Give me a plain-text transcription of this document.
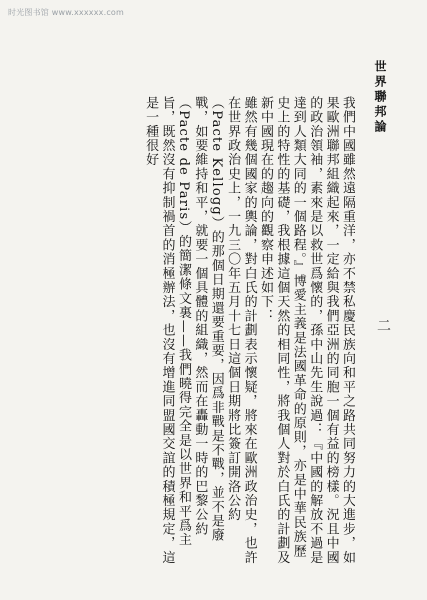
时光图书馆 www.xxxxxx.com
世界聯邦論
二

我們中國雖然遠隔重洋，亦不禁私慶民族向和平之路共同努力的大進步，如果歐洲聯邦組織起來，一定給與我們亞洲的同胞一個有益的榜樣。況且中國的政治領袖，素來是以救世爲懷的，孫中山先生說過：『中國的解放不過是達到人類大同的一個路程。』博愛主義是法國革命的原則，亦是中華民族歷史上的特性的基礎，我根據這個天然的相同性，將我個人對於白氏的計劃及新中國現在的趨向的觀察申述如下：

雖然有幾個國家的輿論，對白氏的計劃表示懷疑，將來在歐洲政治史，也許在世界政治史上，一九三〇年五月十七日這個日期將比簽訂開洛公約（Pacte Kellogg）的那個日期還要重要，因爲非戰是不戰，並不是廢戰，如要維持和平，就要一個具體的組織，然而在轟動一時的巴黎公約（Pacte de Paris）的簡潔條文裏——我們曉得完全是以世界和平爲主旨，既然沒有抑制禍首的消極辦法，也沒有增進同盟國交誼的積極規定，這是一種很好
